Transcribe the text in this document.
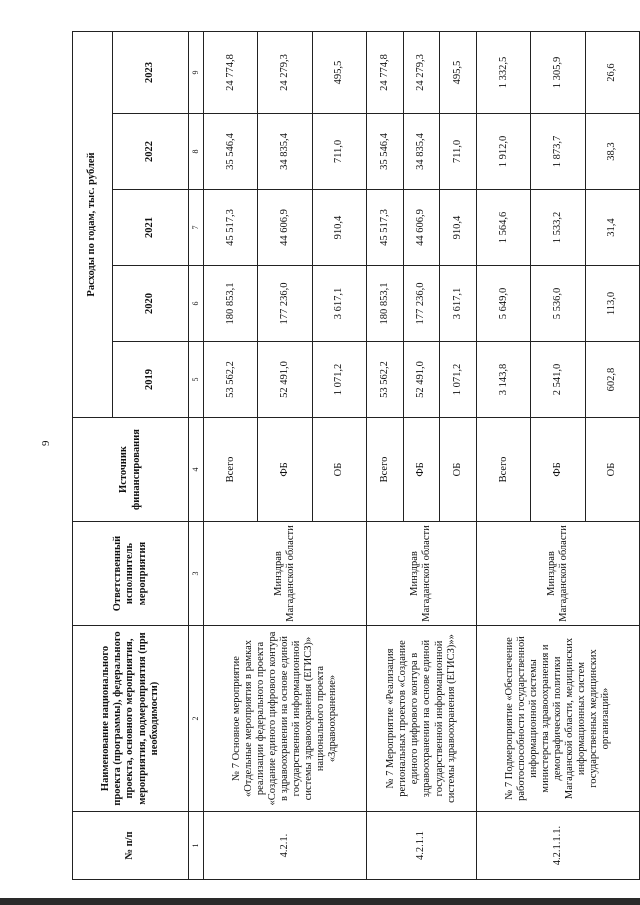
9
№ п/п	Наименование национального проекта (программы), федерального проекта, основного мероприятия, мероприятия, подмероприятия (при необходимости)	Ответственный исполнитель мероприятия	Источник финансирования	Расходы по годам, тыс. рублей				
				2019	2020	2021	2022	2023
1	2	3	4	5	6	7	8	9
4.2.1.	№ 7 Основное мероприятие «Отдельные мероприятия в рамках реализации федерального проекта «Создание единого цифрового контура в здравоохранении на основе единой государственной информационной системы здравоохранения (ЕГИСЗ)» национального проекта «Здравоохранение»	Минздрав Магаданской области	Всего	53 562,2	180 853,1	45 517,3	35 546,4	24 774,8
			ФБ	52 491,0	177 236,0	44 606,9	34 835,4	24 279,3
			ОБ	1 071,2	3 617,1	910,4	711,0	495,5
4.2.1.1	№ 7 Мероприятие «Реализация региональных проектов «Создание единого цифрового контура в здравоохранении на основе единой государственной информационной системы здравоохранения (ЕГИСЗ)»»	Минздрав Магаданской области	Всего	53 562,2	180 853,1	45 517,3	35 546,4	24 774,8
			ФБ	52 491,0	177 236,0	44 606,9	34 835,4	24 279,3
			ОБ	1 071,2	3 617,1	910,4	711,0	495,5
4.2.1.1.1.	№ 7 Подмероприятие «Обеспечение работоспособности государственной информационной системы министерства здравоохранения и демографической политики Магаданской области, медицинских информационных систем государственных медицинских организаций»	Минздрав Магаданской области	Всего	3 143,8	5 649,0	1 564,6	1 912,0	1 332,5
			ФБ	2 541,0	5 536,0	1 533,2	1 873,7	1 305,9
			ОБ	602,8	113,0	31,4	38,3	26,6
